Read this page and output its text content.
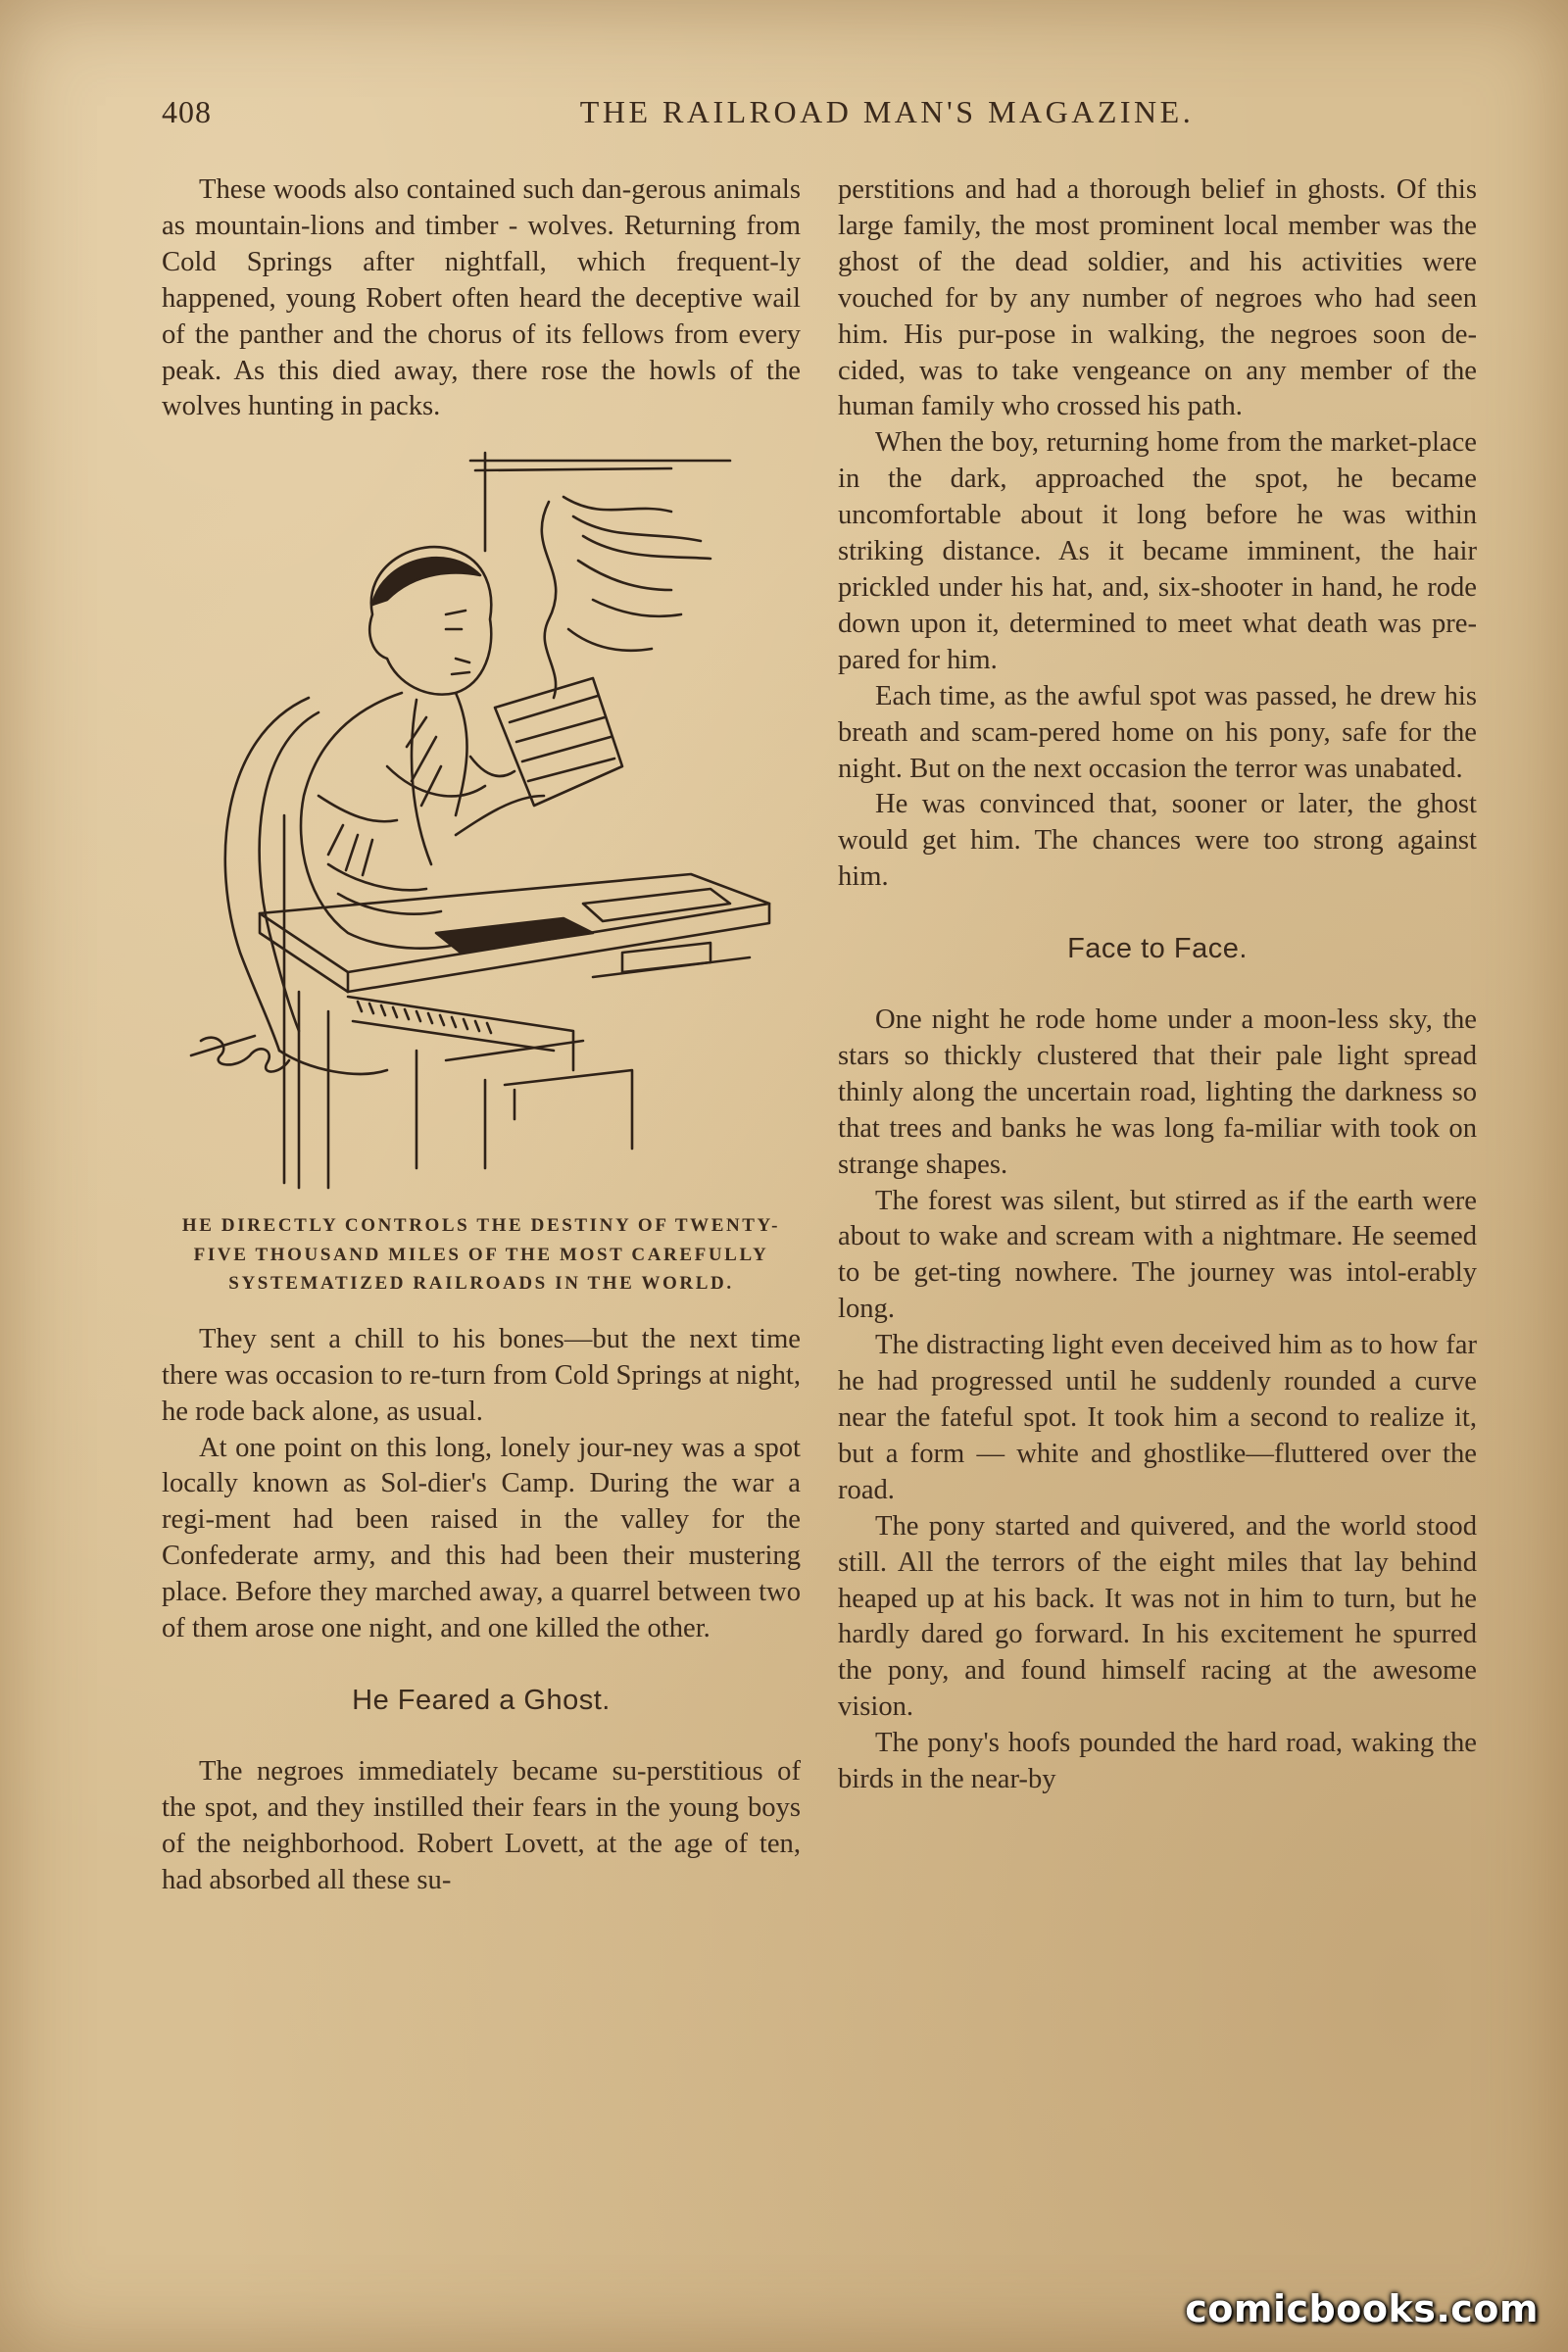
408	THE RAILROAD MAN'S MAGAZINE.

These woods also contained such dan-gerous animals as mountain-lions and timber - wolves. Returning from Cold Springs after nightfall, which frequent-ly happened, young Robert often heard the deceptive wail of the panther and the chorus of its fellows from every peak. As this died away, there rose the howls of the wolves hunting in packs.

HE DIRECTLY CONTROLS THE DESTINY OF TWENTY-FIVE THOUSAND MILES OF THE MOST CAREFULLY SYSTEMATIZED RAILROADS IN THE WORLD.

They sent a chill to his bones—but the next time there was occasion to re-turn from Cold Springs at night, he rode back alone, as usual.

At one point on this long, lonely jour-ney was a spot locally known as Sol-dier's Camp. During the war a regi-ment had been raised in the valley for the Confederate army, and this had been their mustering place. Before they marched away, a quarrel between two of them arose one night, and one killed the other.

He Feared a Ghost.

The negroes immediately became su-perstitious of the spot, and they instilled their fears in the young boys of the neighborhood. Robert Lovett, at the age of ten, had absorbed all these su-

perstitions and had a thorough belief in ghosts. Of this large family, the most prominent local member was the ghost of the dead soldier, and his activities were vouched for by any number of negroes who had seen him. His pur-pose in walking, the negroes soon de-cided, was to take vengeance on any member of the human family who crossed his path.

When the boy, returning home from the market-place in the dark, approached the spot, he became uncomfortable about it long before he was within striking distance. As it became imminent, the hair prickled under his hat, and, six-shooter in hand, he rode down upon it, determined to meet what death was pre-pared for him.

Each time, as the awful spot was passed, he drew his breath and scam-pered home on his pony, safe for the night. But on the next occasion the terror was unabated.

He was convinced that, sooner or later, the ghost would get him. The chances were too strong against him.

Face to Face.

One night he rode home under a moon-less sky, the stars so thickly clustered that their pale light spread thinly along the uncertain road, lighting the darkness so that trees and banks he was long fa-miliar with took on strange shapes.

The forest was silent, but stirred as if the earth were about to wake and scream with a nightmare. He seemed to be get-ting nowhere. The journey was intol-erably long.

The distracting light even deceived him as to how far he had progressed until he suddenly rounded a curve near the fateful spot. It took him a second to realize it, but a form — white and ghostlike—fluttered over the road.

The pony started and quivered, and the world stood still. All the terrors of the eight miles that lay behind heaped up at his back. It was not in him to turn, but he hardly dared go forward. In his excitement he spurred the pony, and found himself racing at the awesome vision.

The pony's hoofs pounded the hard road, waking the birds in the near-by

comicbooks.com
